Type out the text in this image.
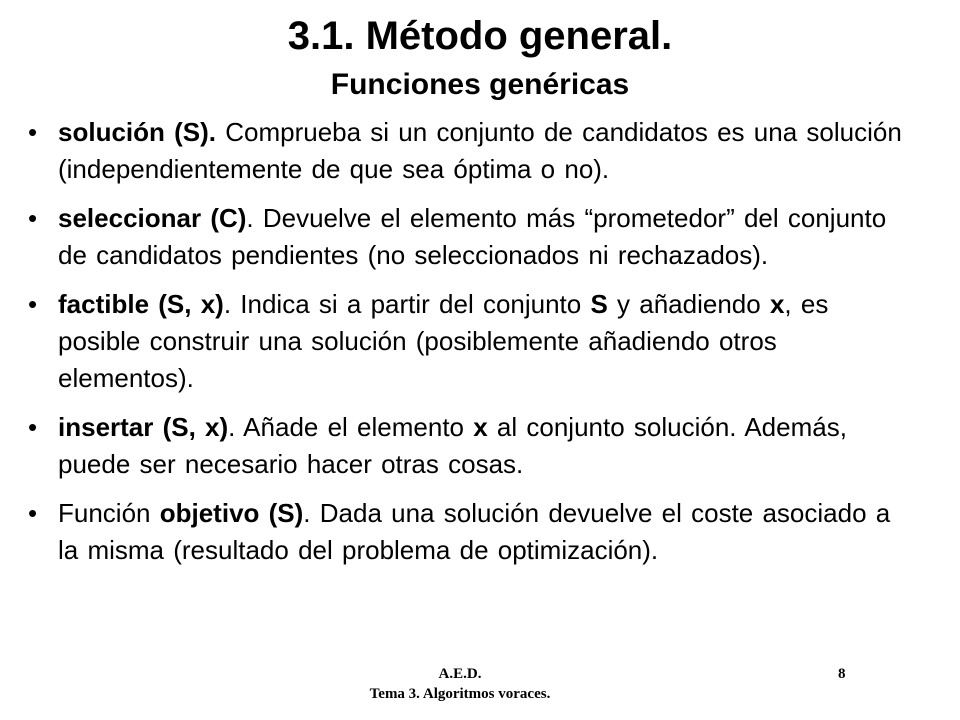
3.1. Método general.
Funciones genéricas
• solución (S). Comprueba si un conjunto de candidatos es una solución (independientemente de que sea óptima o no).
• seleccionar (C). Devuelve el elemento más “prometedor” del conjunto de candidatos pendientes (no seleccionados ni rechazados).
• factible (S, x). Indica si a partir del conjunto S y añadiendo x, es posible construir una solución (posiblemente añadiendo otros elementos).
• insertar (S, x). Añade el elemento x al conjunto solución. Además, puede ser necesario hacer otras cosas.
• Función objetivo (S). Dada una solución devuelve el coste asociado a la misma (resultado del problema de optimización).
A.E.D.
Tema 3. Algoritmos voraces.
8
